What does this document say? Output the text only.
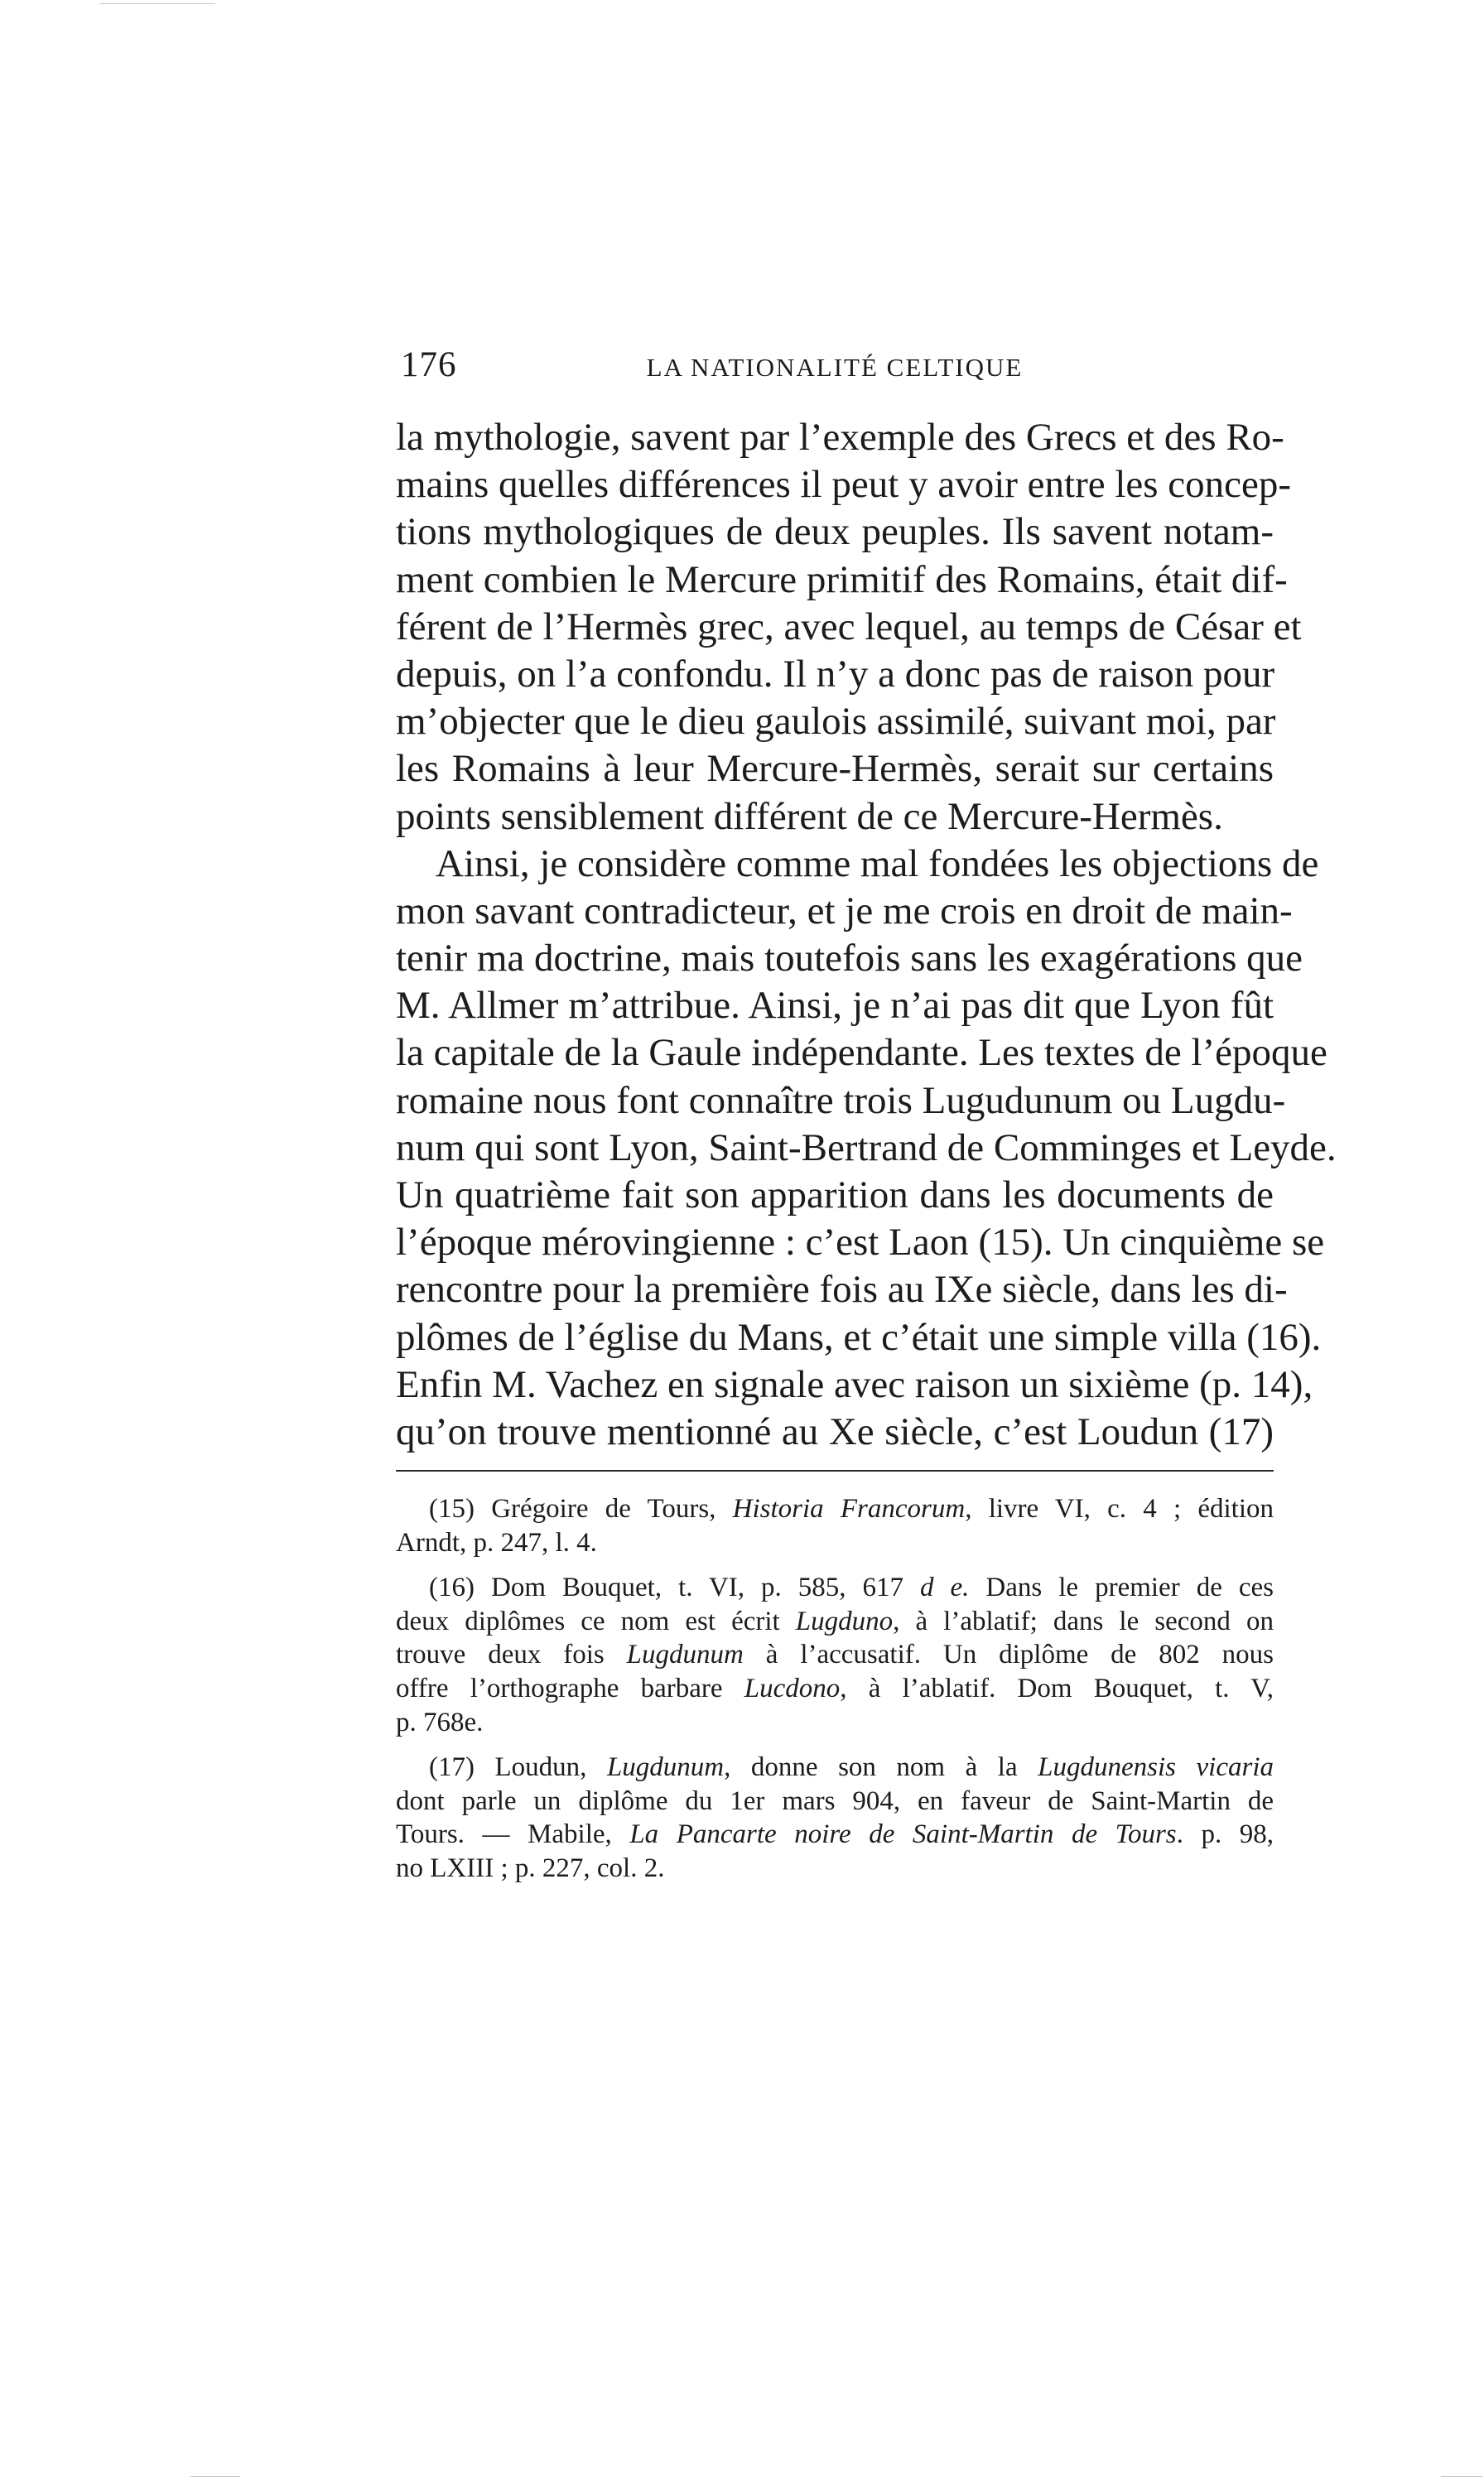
176	LA NATIONALITÉ CELTIQUE
la mythologie, savent par l’exemple des Grecs et des Ro-
mains quelles différences il peut y avoir entre les concep-
tions mythologiques de deux peuples. Ils savent notam-
ment combien le Mercure primitif des Romains, était dif-
férent de l’Hermès grec, avec lequel, au temps de César et
depuis, on l’a confondu. Il n’y a donc pas de raison pour
m’objecter que le dieu gaulois assimilé, suivant moi, par
les Romains à leur Mercure-Hermès, serait sur certains
points sensiblement différent de ce Mercure-Hermès.
Ainsi, je considère comme mal fondées les objections de
mon savant contradicteur, et je me crois en droit de main-
tenir ma doctrine, mais toutefois sans les exagérations que
M. Allmer m’attribue. Ainsi, je n’ai pas dit que Lyon fût
la capitale de la Gaule indépendante. Les textes de l’époque
romaine nous font connaître trois Lugudunum ou Lugdu-
num qui sont Lyon, Saint-Bertrand de Comminges et Leyde.
Un quatrième fait son apparition dans les documents de
l’époque mérovingienne : c’est Laon (15). Un cinquième se
rencontre pour la première fois au IXe siècle, dans les di-
plômes de l’église du Mans, et c’était une simple villa (16).
Enfin M. Vachez en signale avec raison un sixième (p. 14),
qu’on trouve mentionné au Xe siècle, c’est Loudun (17)
(15) Grégoire de Tours, Historia Francorum, livre VI, c. 4 ; édition
Arndt, p. 247, l. 4.
(16) Dom Bouquet, t. VI, p. 585, 617 d e. Dans le premier de ces
deux diplômes ce nom est écrit Lugduno, à l’ablatif; dans le second on
trouve deux fois Lugdunum à l’accusatif. Un diplôme de 802 nous
offre l’orthographe barbare Lucdono, à l’ablatif. Dom Bouquet, t. V,
p. 768e.
(17) Loudun, Lugdunum, donne son nom à la Lugdunensis vicaria
dont parle un diplôme du 1er mars 904, en faveur de Saint-Martin de
Tours. — Mabile, La Pancarte noire de Saint-Martin de Tours. p. 98,
no LXIII ; p. 227, col. 2.
